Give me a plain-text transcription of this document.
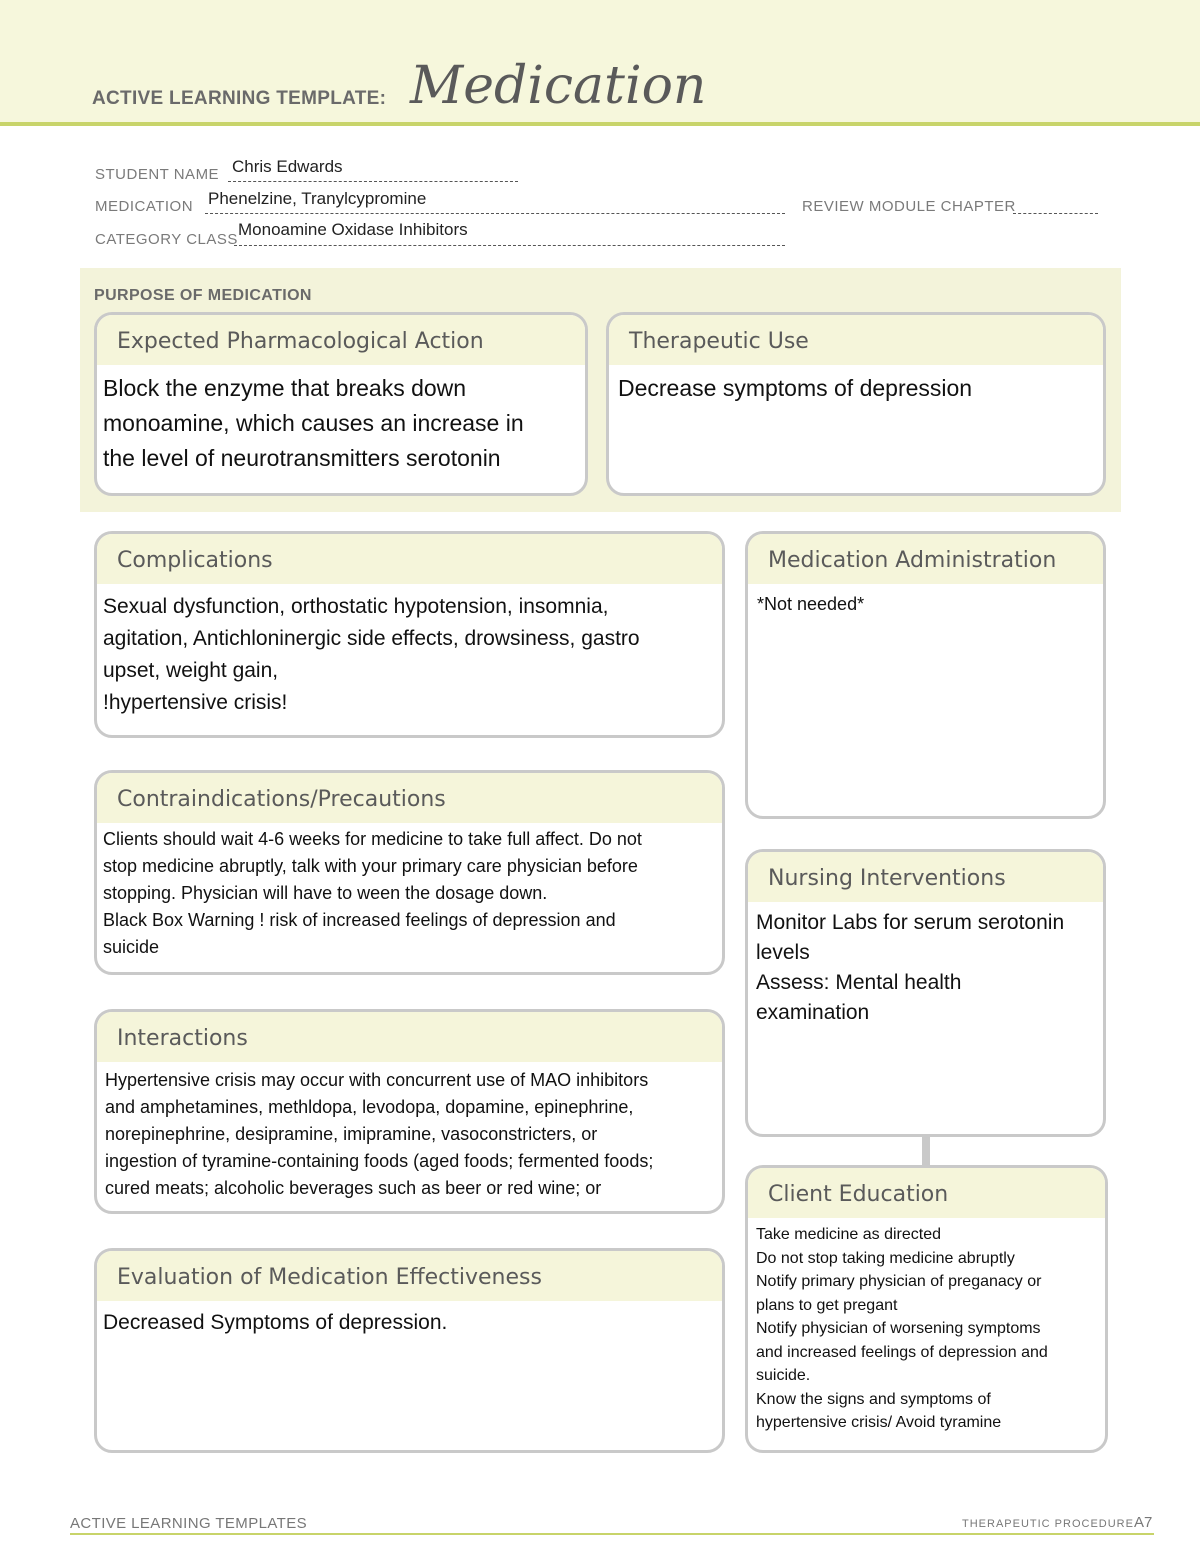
ACTIVE LEARNING TEMPLATE: Medication
STUDENT NAME Chris Edwards
MEDICATION Phenelzine, Tranylcypromine	REVIEW MODULE CHAPTER
CATEGORY CLASS
Monoamine Oxidase Inhibitors
PURPOSE OF MEDICATION
Expected Pharmacological Action
Block the enzyme that breaks down
monoamine, which causes an increase in
the level of neurotransmitters serotonin
Therapeutic Use
Decrease symptoms of depression
Complications
Sexual dysfunction, orthostatic hypotension, insomnia,
agitation, Antichloninergic side effects, drowsiness, gastro
upset, weight gain,
!hypertensive crisis!
Medication Administration
*Not needed*
Contraindications/Precautions
Clients should wait 4-6 weeks for medicine to take full affect. Do not
stop medicine abruptly, talk with your primary care physician before
stopping. Physician will have to ween the dosage down.
Black Box Warning ! risk of increased feelings of depression and
suicide
Nursing Interventions
Monitor Labs for serum serotonin
levels
Assess: Mental health
examination
Interactions
Hypertensive crisis may occur with concurrent use of MAO inhibitors
and amphetamines, methldopa, levodopa, dopamine, epinephrine,
norepinephrine, desipramine, imipramine, vasoconstricters, or
ingestion of tyramine-containing foods (aged foods; fermented foods;
cured meats; alcoholic beverages such as beer or red wine; or	Client Education
Take medicine as directed
Do not stop taking medicine abruptly
Notify primary physician of preganacy or
plans to get pregant
Notify physician of worsening symptoms
and increased feelings of depression and
suicide.
Know the signs and symptoms of
hypertensive crisis/ Avoid tyramine
Evaluation of Medication Effectiveness
Decreased Symptoms of depression.
ACTIVE LEARNING TEMPLATES	THERAPEUTIC PROCEDURE A7
